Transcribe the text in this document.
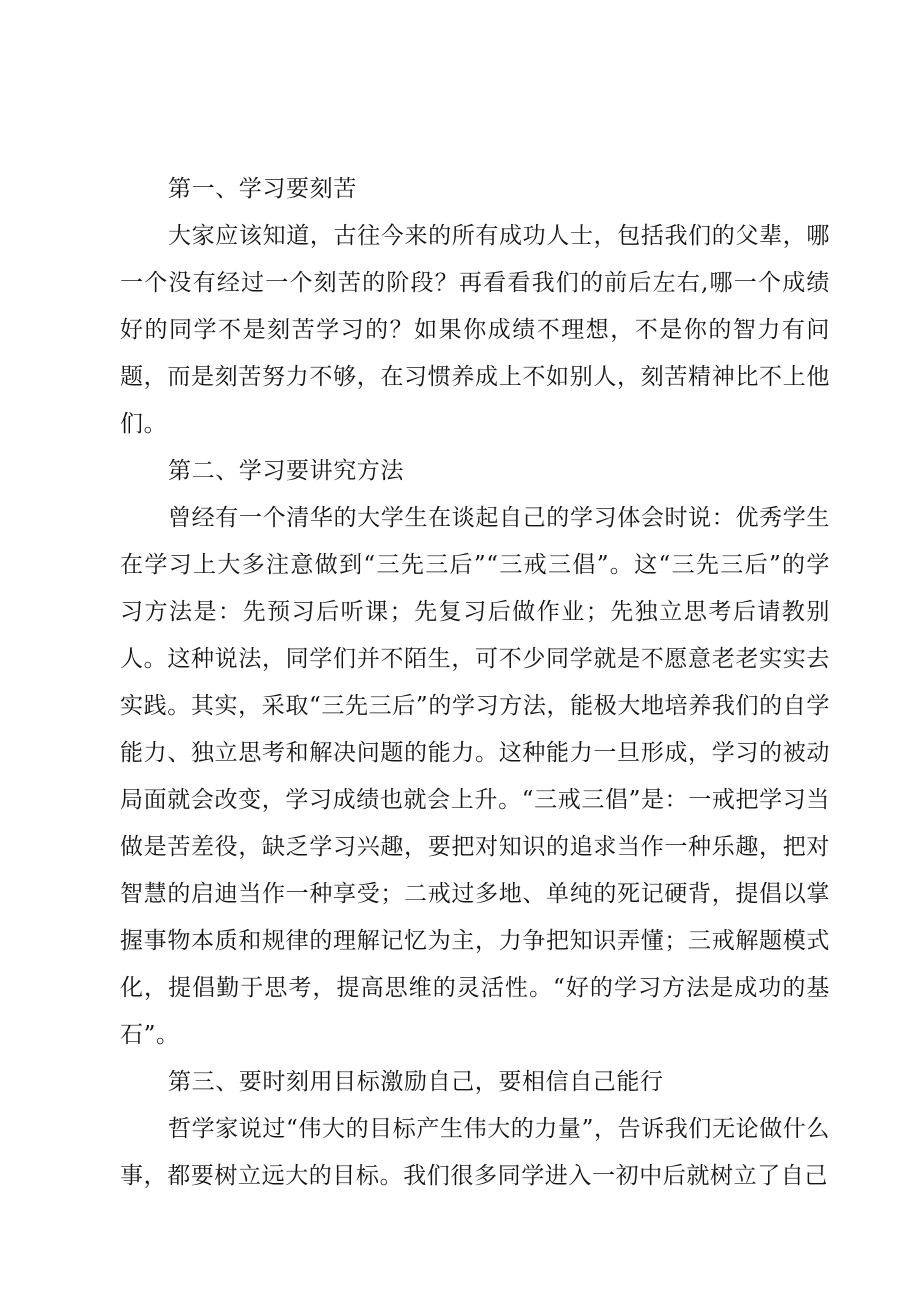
第一、学习要刻苦

大家应该知道，古往今来的所有成功人士，包括我们的父辈，哪一个没有经过一个刻苦的阶段？再看看我们的前后左右,哪一个成绩好的同学不是刻苦学习的？如果你成绩不理想，不是你的智力有问题，而是刻苦努力不够，在习惯养成上不如别人，刻苦精神比不上他们。

第二、学习要讲究方法

曾经有一个清华的大学生在谈起自己的学习体会时说：优秀学生在学习上大多注意做到“三先三后”“三戒三倡”。这“三先三后”的学习方法是：先预习后听课；先复习后做作业；先独立思考后请教别人。这种说法，同学们并不陌生，可不少同学就是不愿意老老实实去实践。其实，采取“三先三后”的学习方法，能极大地培养我们的自学能力、独立思考和解决问题的能力。这种能力一旦形成，学习的被动局面就会改变，学习成绩也就会上升。“三戒三倡”是：一戒把学习当做是苦差役，缺乏学习兴趣，要把对知识的追求当作一种乐趣，把对智慧的启迪当作一种享受；二戒过多地、单纯的死记硬背，提倡以掌握事物本质和规律的理解记忆为主，力争把知识弄懂；三戒解题模式化，提倡勤于思考，提高思维的灵活性。“好的学习方法是成功的基石”。

第三、要时刻用目标激励自己，要相信自己能行

哲学家说过“伟大的目标产生伟大的力量”，告诉我们无论做什么事，都要树立远大的目标。我们很多同学进入一初中后就树立了自己
